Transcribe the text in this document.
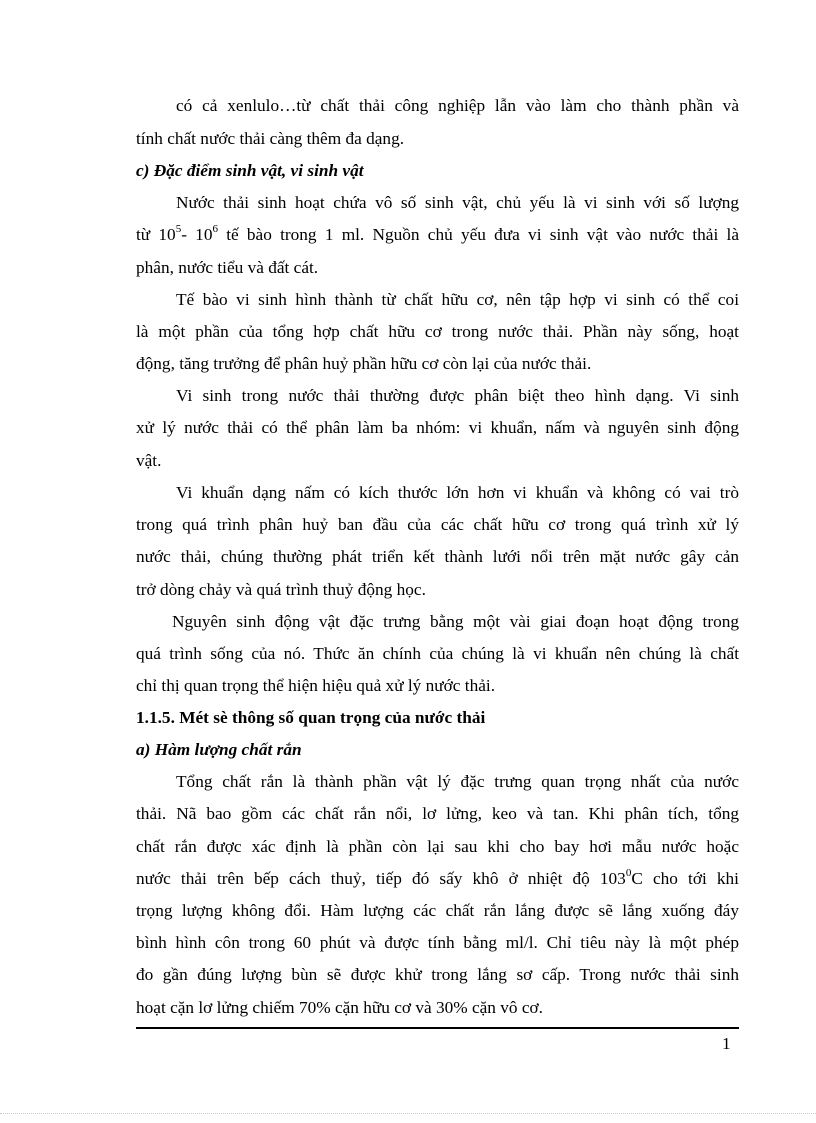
có cả xenlulo…từ chất thải công nghiệp lẫn vào làm cho thành phần và
tính chất nước thải càng thêm đa dạng.
c) Đặc điểm sinh vật, vi sinh vật
Nước thải sinh hoạt chứa vô số sinh vật, chủ yếu là vi sinh với số lượng
từ $10^5-$ $10^6$ tế bào trong 1 ml. Nguồn chủ yếu đưa vi sinh vật vào nước thải là
phân, nước tiểu và đất cát.
Tế bào vi sinh hình thành từ chất hữu cơ, nên tập hợp vi sinh có thể coi
là một phần của tổng hợp chất hữu cơ trong nước thải. Phần này sống, hoạt
động, tăng trưởng để phân huỷ phần hữu cơ còn lại của nước thải.
Vi sinh trong nước thải thường được phân biệt theo hình dạng. Vi sinh
xử lý nước thải có thể phân làm ba nhóm: vi khuẩn, nấm và nguyên sinh động
vật.
Vi khuẩn dạng nấm có kích thước lớn hơn vi khuẩn và không có vai trò
trong quá trình phân huỷ ban đầu của các chất hữu cơ trong quá trình xử lý
nước thải, chúng thường phát triển kết thành lưới nổi trên mặt nước gây cản
trở dòng chảy và quá trình thuỷ động học.
Nguyên sinh động vật đặc trưng bằng một vài giai đoạn hoạt động trong
quá trình sống của nó. Thức ăn chính của chúng là vi khuẩn nên chúng là chất
chỉ thị quan trọng thể hiện hiệu quả xử lý nước thải.
1.1.5. Mét sè thông số quan trọng của nước thải
a) Hàm lượng chất rắn
Tổng chất rắn là thành phần vật lý đặc trưng quan trọng nhất của nước
thải. Nã bao gồm các chất rắn nổi, lơ lửng, keo và tan. Khi phân tích, tổng
chất rắn được xác định là phần còn lại sau khi cho bay hơi mẫu nước hoặc
nước thải trên bếp cách thuỷ, tiếp đó sấy khô ở nhiệt độ $103^0C$ cho tới khi
trọng lượng không đổi. Hàm lượng các chất rắn lắng được sẽ lắng xuống đáy
bình hình côn trong 60 phút và được tính bằng ml/l. Chỉ tiêu này là một phép
đo gần đúng lượng bùn sẽ được khử trong lắng sơ cấp. Trong nước thải sinh
hoạt cặn lơ lửng chiếm 70% cặn hữu cơ và 30% cặn vô cơ.
1
